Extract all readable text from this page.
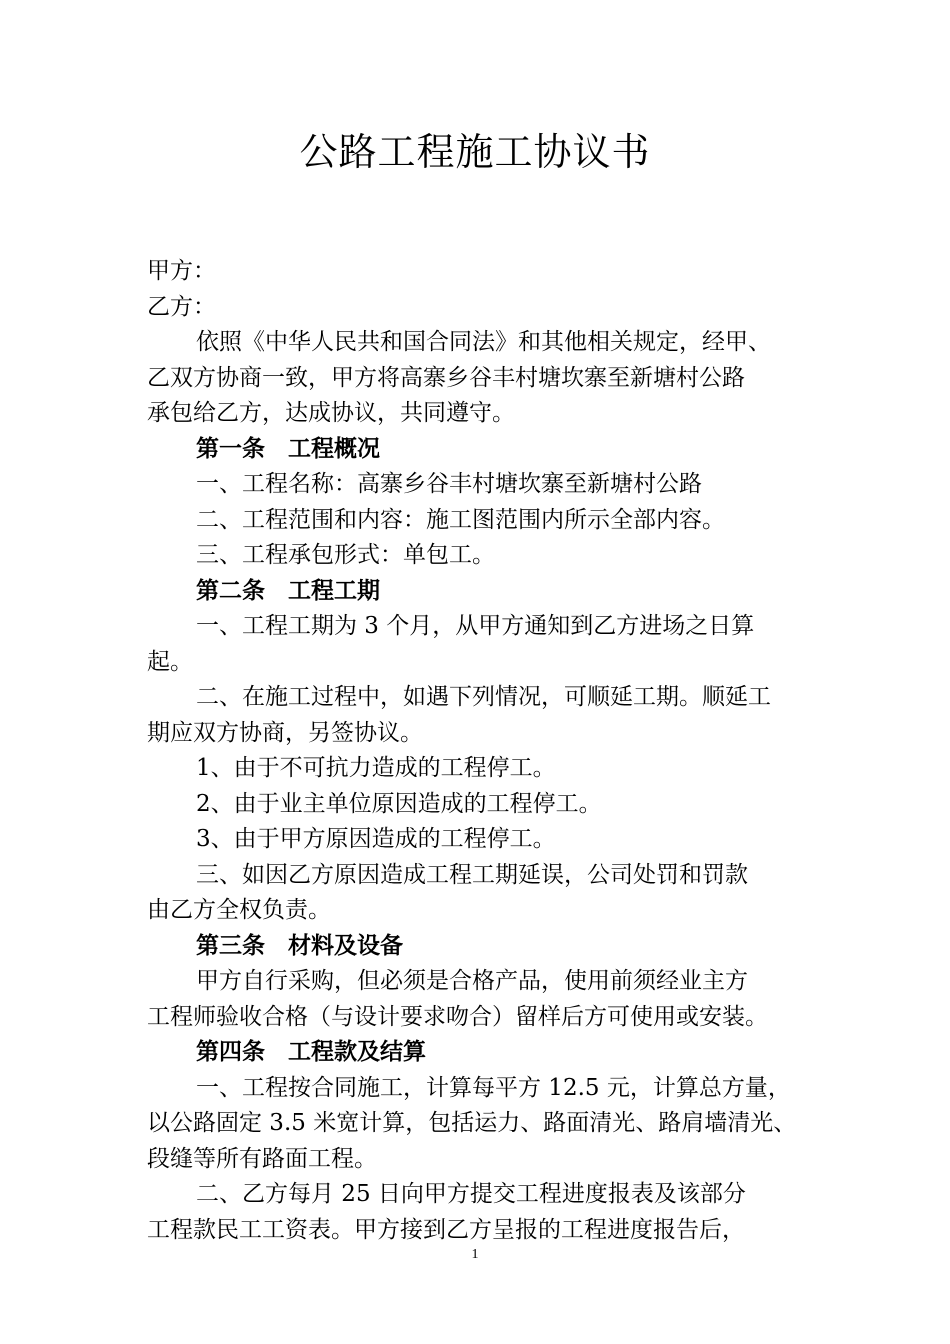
公路工程施工协议书
甲方：
乙方：
依照《中华人民共和国合同法》和其他相关规定，经甲、
乙双方协商一致，甲方将高寨乡谷丰村塘坎寨至新塘村公路
承包给乙方，达成协议，共同遵守。
第一条　工程概况
一、工程名称：高寨乡谷丰村塘坎寨至新塘村公路
二、工程范围和内容：施工图范围内所示全部内容。
三、工程承包形式：单包工。
第二条　工程工期
一、工程工期为 3 个月，从甲方通知到乙方进场之日算
起。
二、在施工过程中，如遇下列情况，可顺延工期。顺延工
期应双方协商，另签协议。
1、由于不可抗力造成的工程停工。
2、由于业主单位原因造成的工程停工。
3、由于甲方原因造成的工程停工。
三、如因乙方原因造成工程工期延误，公司处罚和罚款
由乙方全权负责。
第三条　材料及设备
甲方自行采购，但必须是合格产品，使用前须经业主方
工程师验收合格（与设计要求吻合）留样后方可使用或安装。
第四条　工程款及结算
一、工程按合同施工，计算每平方 12.5 元，计算总方量，
以公路固定 3.5 米宽计算，包括运力、路面清光、路肩墙清光、
段缝等所有路面工程。
二、乙方每月 25 日向甲方提交工程进度报表及该部分
工程款民工工资表。甲方接到乙方呈报的工程进度报告后，
1
